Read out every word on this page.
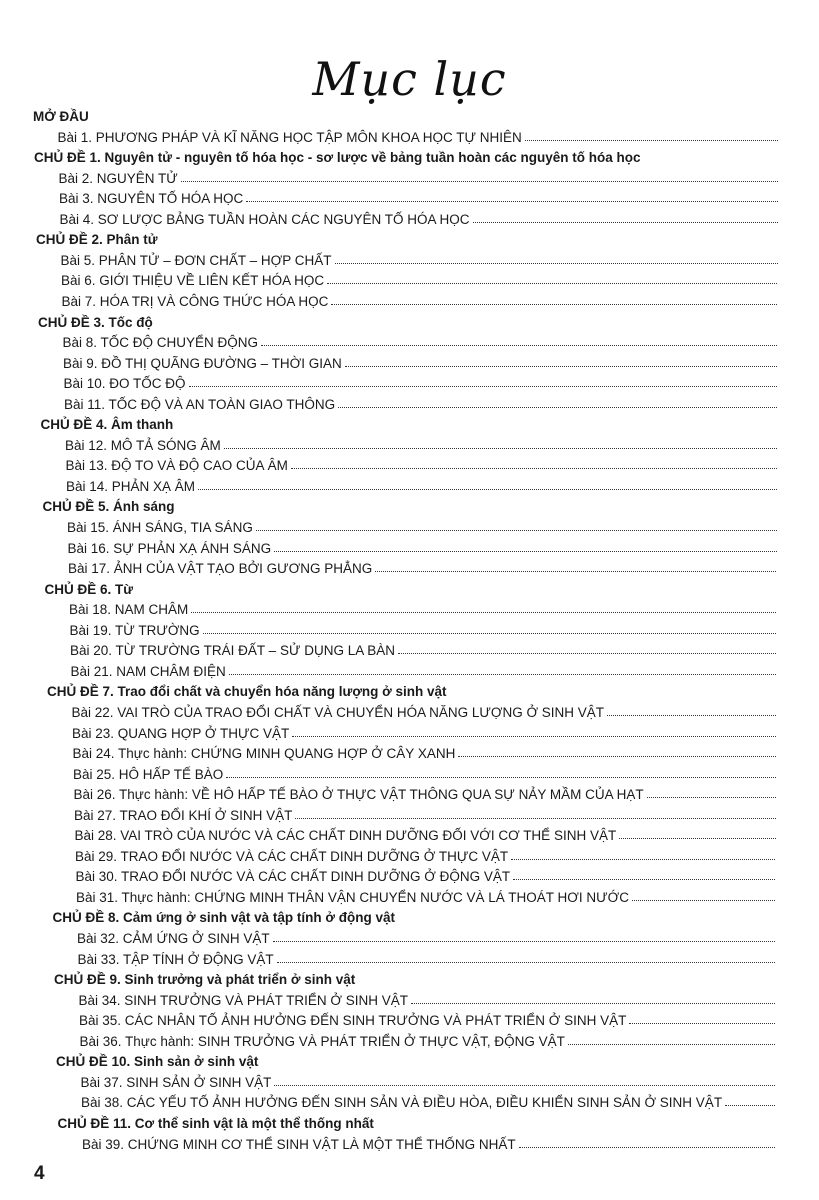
Mục lục
MỞ ĐẦU
Bài 1. PHƯƠNG PHÁP VÀ KĨ NĂNG HỌC TẬP MÔN KHOA HỌC TỰ NHIÊN
CHỦ ĐỀ 1. Nguyên tử - nguyên tố hóa học - sơ lược về bảng tuần hoàn các nguyên tố hóa học
Bài 2. NGUYÊN TỬ
Bài 3. NGUYÊN TỐ HÓA HỌC
Bài 4. SƠ LƯỢC BẢNG TUẦN HOÀN CÁC NGUYÊN TỐ HÓA HỌC
CHỦ ĐỀ 2. Phân tử
Bài 5. PHÂN TỬ – ĐƠN CHẤT – HỢP CHẤT
Bài 6. GIỚI THIỆU VỀ LIÊN KẾT HÓA HỌC
Bài 7. HÓA TRỊ VÀ CÔNG THỨC HÓA HỌC
CHỦ ĐỀ 3. Tốc độ
Bài 8. TỐC ĐỘ CHUYỂN ĐỘNG
Bài 9. ĐỒ THỊ QUÃNG ĐƯỜNG – THỜI GIAN
Bài 10. ĐO TỐC ĐỘ
Bài 11. TỐC ĐỘ VÀ AN TOÀN GIAO THÔNG
CHỦ ĐỀ 4. Âm thanh
Bài 12. MÔ TẢ SÓNG ÂM
Bài 13. ĐỘ TO VÀ ĐỘ CAO CỦA ÂM
Bài 14. PHẢN XẠ ÂM
CHỦ ĐỀ 5. Ánh sáng
Bài 15. ÁNH SÁNG, TIA SÁNG
Bài 16. SỰ PHẢN XẠ ÁNH SÁNG
Bài 17. ẢNH CỦA VẬT TẠO BỞI GƯƠNG PHẲNG
CHỦ ĐỀ 6. Từ
Bài 18. NAM CHÂM
Bài 19. TỪ TRƯỜNG
Bài 20. TỪ TRƯỜNG TRÁI ĐẤT – SỬ DỤNG LA BÀN
Bài 21. NAM CHÂM ĐIỆN
CHỦ ĐỀ 7. Trao đổi chất và chuyển hóa năng lượng ở sinh vật
Bài 22. VAI TRÒ CỦA TRAO ĐỔI CHẤT VÀ CHUYỂN HÓA NĂNG LƯỢNG Ở SINH VẬT
Bài 23. QUANG HỢP Ở THỰC VẬT
Bài 24. Thực hành: CHỨNG MINH QUANG HỢP Ở CÂY XANH
Bài 25. HÔ HẤP TẾ BÀO
Bài 26. Thực hành: VỀ HÔ HẤP TẾ BÀO Ở THỰC VẬT THÔNG QUA SỰ NẢY MẦM CỦA HẠT
Bài 27. TRAO ĐỔI KHÍ Ở SINH VẬT
Bài 28. VAI TRÒ CỦA NƯỚC VÀ CÁC CHẤT DINH DƯỠNG ĐỐI VỚI CƠ THỂ SINH VẬT
Bài 29. TRAO ĐỔI NƯỚC VÀ CÁC CHẤT DINH DƯỠNG Ở THỰC VẬT
Bài 30. TRAO ĐỔI NƯỚC VÀ CÁC CHẤT DINH DƯỠNG Ở ĐỘNG VẬT
Bài 31. Thực hành: CHỨNG MINH THÂN VẬN CHUYỂN NƯỚC VÀ LÁ THOÁT HƠI NƯỚC
CHỦ ĐỀ 8. Cảm ứng ở sinh vật và tập tính ở động vật
Bài 32. CẢM ỨNG Ở SINH VẬT
Bài 33. TẬP TÍNH Ở ĐỘNG VẬT
CHỦ ĐỀ 9. Sinh trưởng và phát triển ở sinh vật
Bài 34. SINH TRƯỞNG VÀ PHÁT TRIỂN Ở SINH VẬT
Bài 35. CÁC NHÂN TỐ ẢNH HƯỞNG ĐẾN SINH TRƯỞNG VÀ PHÁT TRIỂN Ở SINH VẬT
Bài 36. Thực hành: SINH TRƯỞNG VÀ PHÁT TRIỂN Ở THỰC VẬT, ĐỘNG VẬT
CHỦ ĐỀ 10. Sinh sản ở sinh vật
Bài 37. SINH SẢN Ở SINH VẬT
Bài 38. CÁC YẾU TỐ ẢNH HƯỞNG ĐẾN SINH SẢN VÀ ĐIỀU HÒA, ĐIỀU KHIỂN SINH SẢN Ở SINH VẬT
CHỦ ĐỀ 11. Cơ thể sinh vật là một thể thống nhất
Bài 39. CHỨNG MINH CƠ THỂ SINH VẬT LÀ MỘT THỂ THỐNG NHẤT
4
